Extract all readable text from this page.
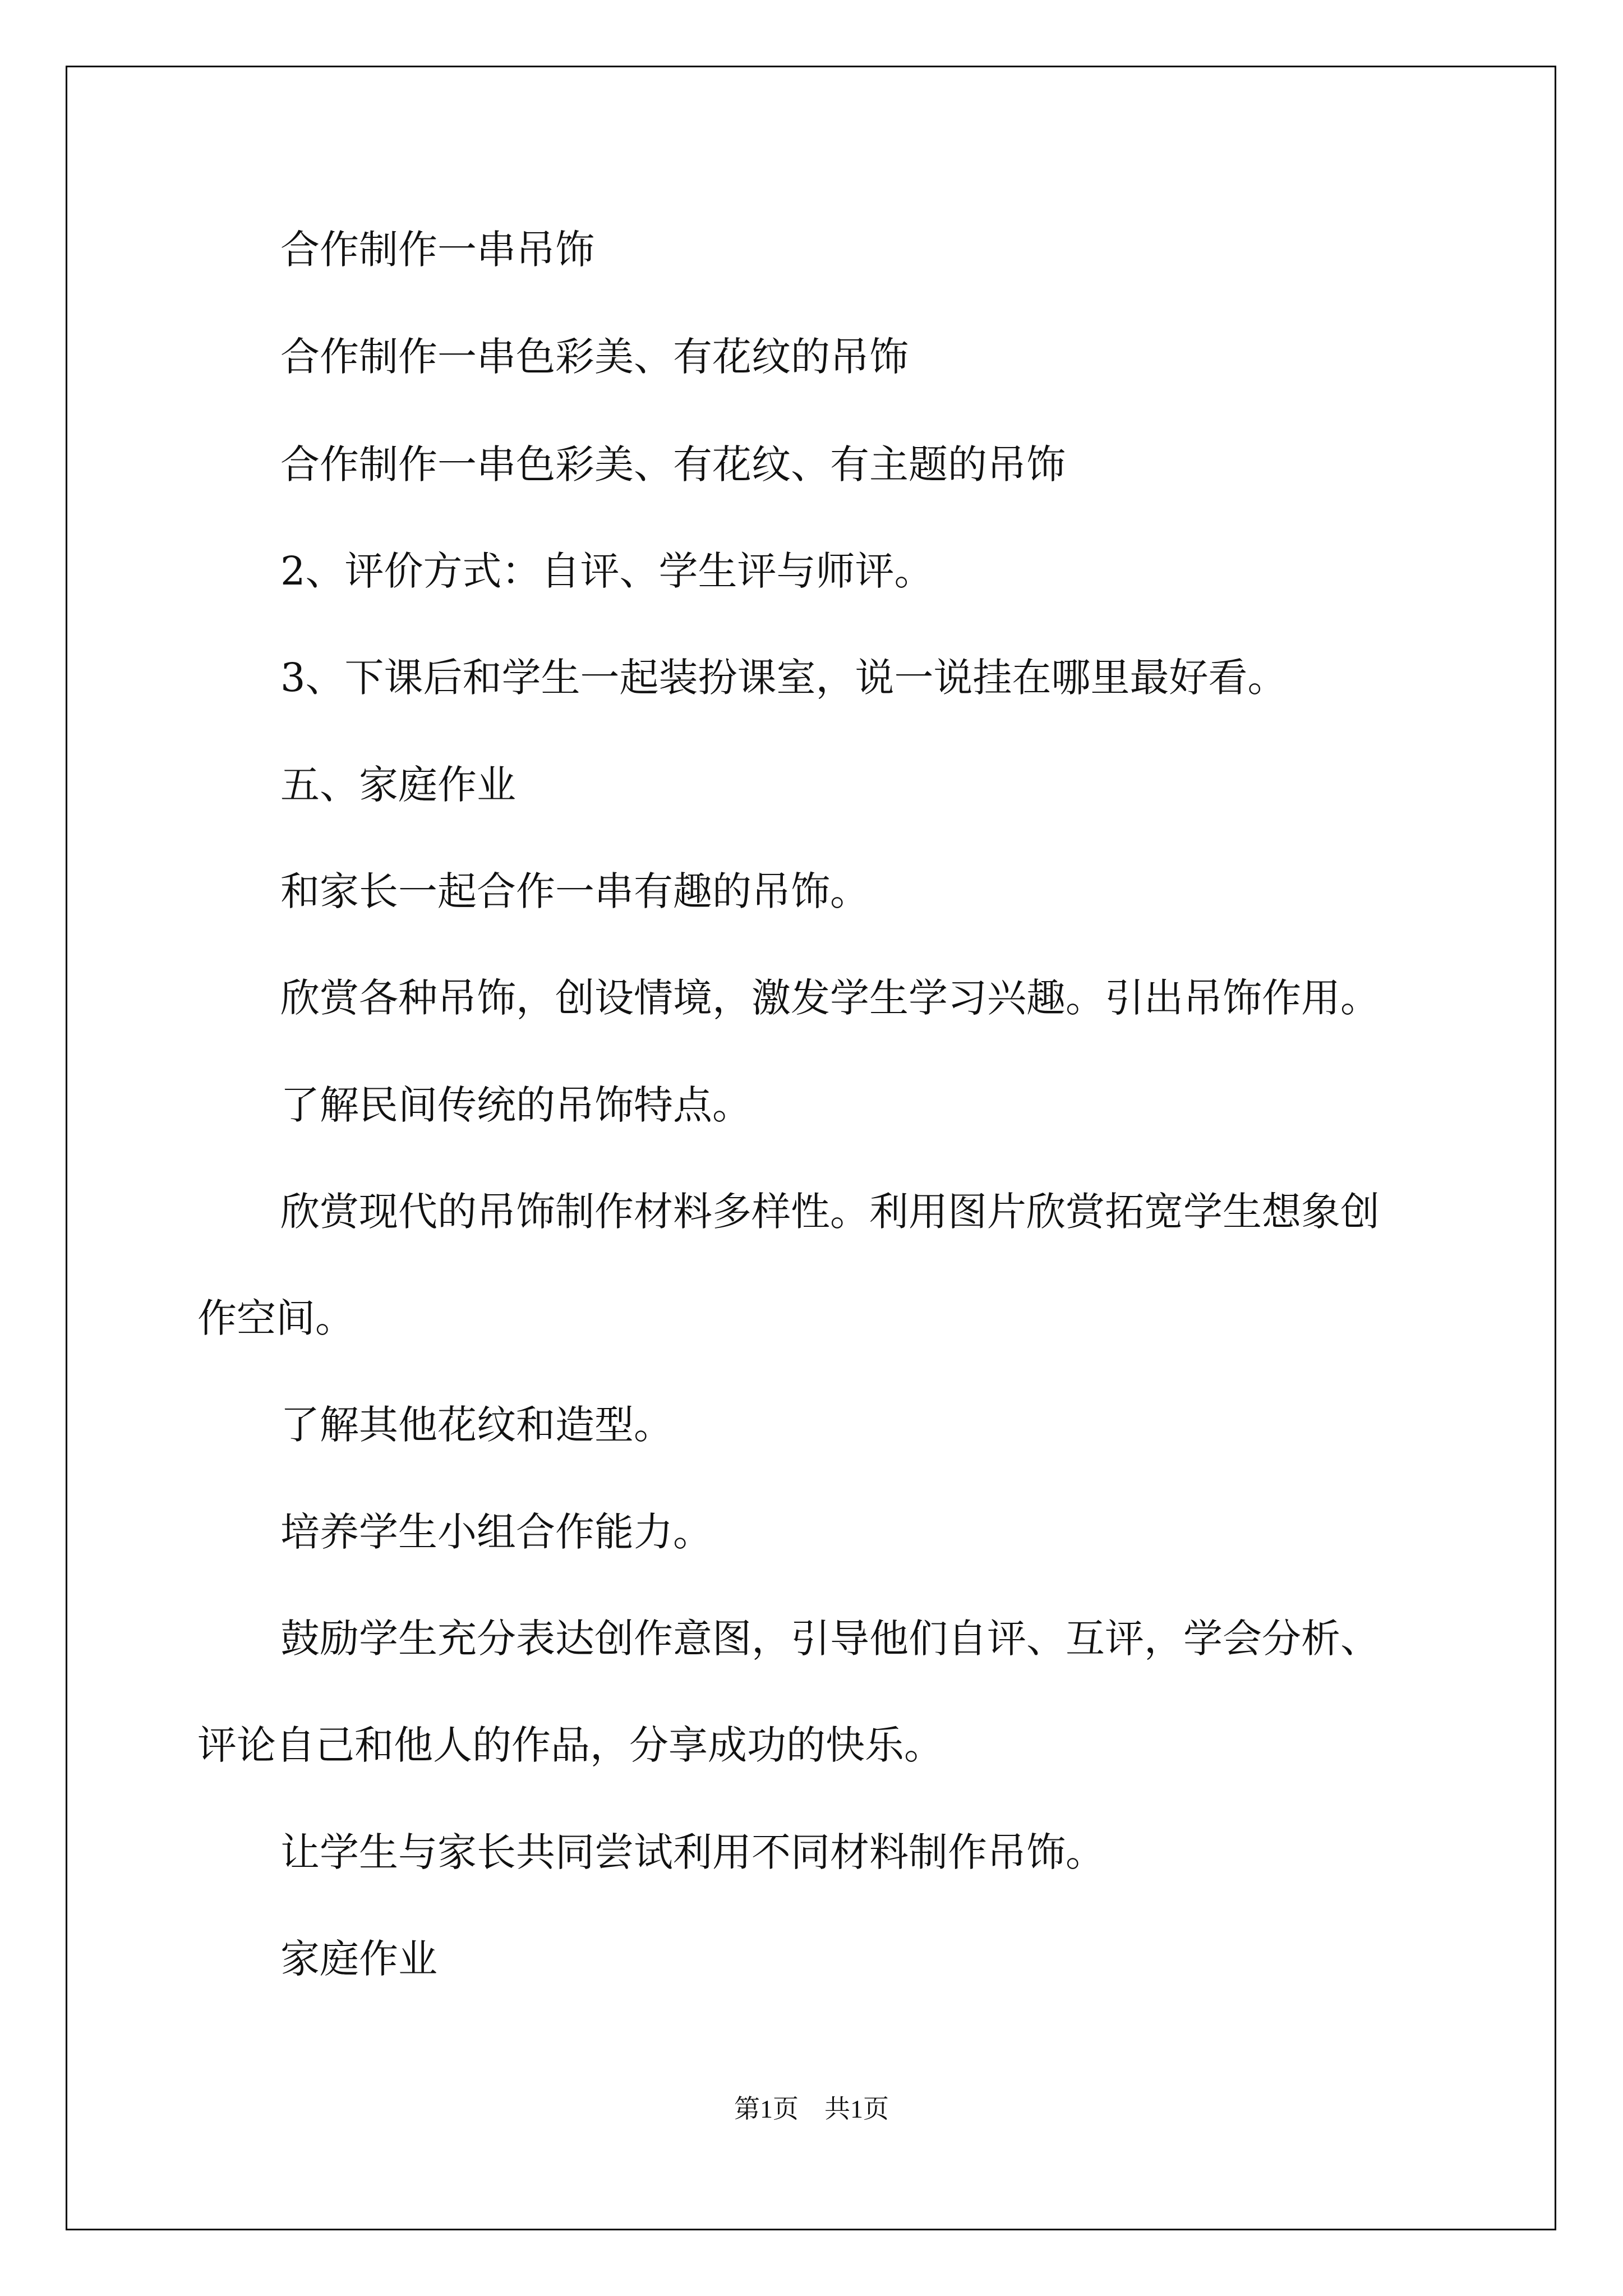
合作制作一串吊饰

合作制作一串色彩美、有花纹的吊饰

合作制作一串色彩美、有花纹、有主题的吊饰

2、评价方式：自评、学生评与师评。

3、下课后和学生一起装扮课室，说一说挂在哪里最好看。

五、家庭作业

和家长一起合作一串有趣的吊饰。

欣赏各种吊饰，创设情境，激发学生学习兴趣。引出吊饰作用。

了解民间传统的吊饰特点。

欣赏现代的吊饰制作材料多样性。利用图片欣赏拓宽学生想象创

作空间。

了解其他花纹和造型。

培养学生小组合作能力。

鼓励学生充分表达创作意图，引导他们自评、互评，学会分析、

评论自己和他人的作品，分享成功的快乐。

让学生与家长共同尝试利用不同材料制作吊饰。

家庭作业

第1页　共1页
